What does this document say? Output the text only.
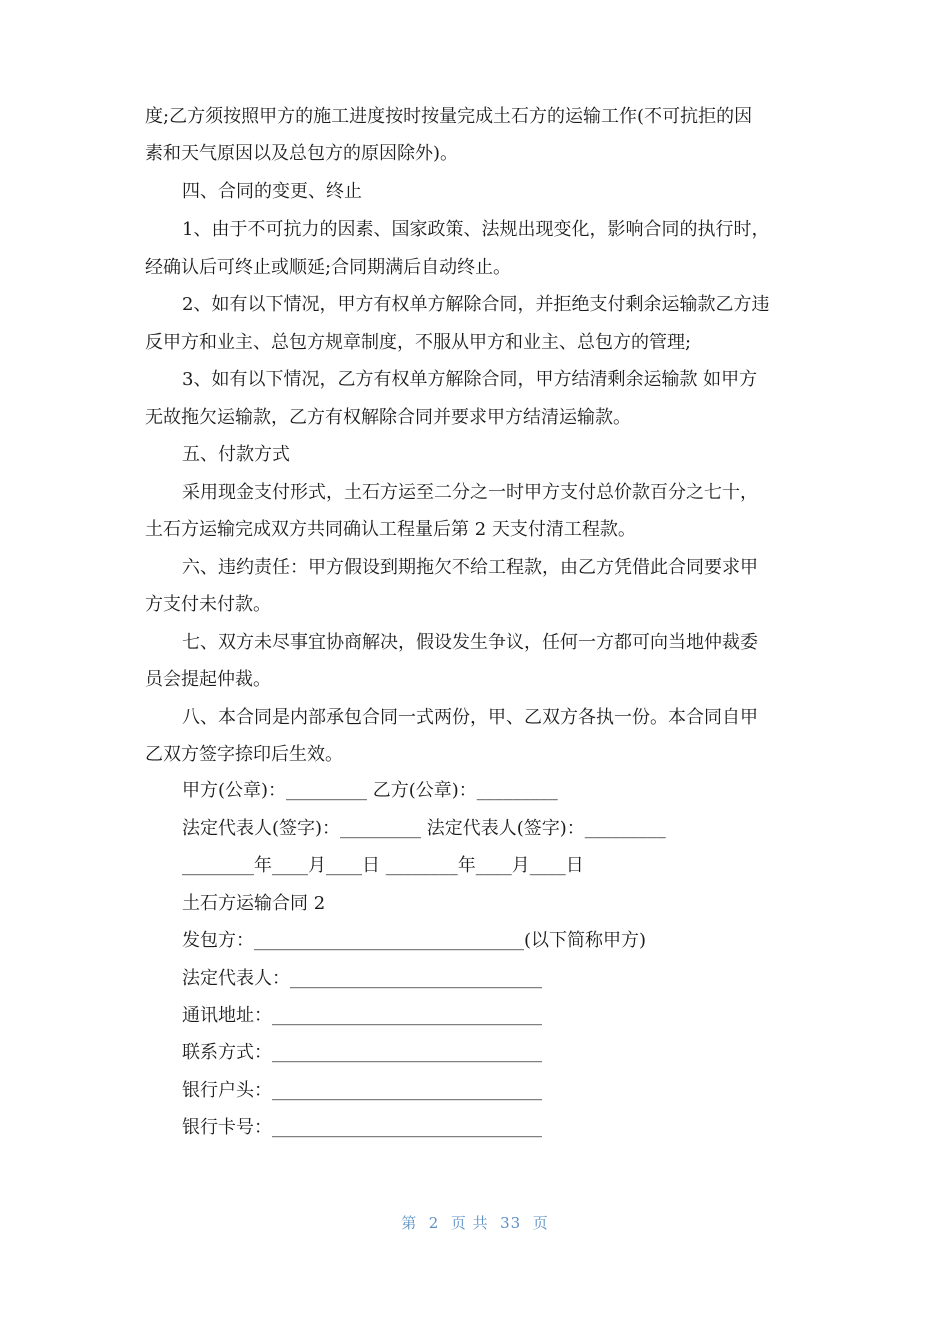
度;乙方须按照甲方的施工进度按时按量完成土石方的运输工作(不可抗拒的因
素和天气原因以及总包方的原因除外)。
四、合同的变更、终止
1、由于不可抗力的因素、国家政策、法规出现变化，影响合同的执行时，
经确认后可终止或顺延;合同期满后自动终止。
2、如有以下情况，甲方有权单方解除合同，并拒绝支付剩余运输款乙方违
反甲方和业主、总包方规章制度，不服从甲方和业主、总包方的管理;
3、如有以下情况，乙方有权单方解除合同，甲方结清剩余运输款 如甲方
无故拖欠运输款，乙方有权解除合同并要求甲方结清运输款。
五、付款方式
采用现金支付形式，土石方运至二分之一时甲方支付总价款百分之七十，
土石方运输完成双方共同确认工程量后第 2 天支付清工程款。
六、违约责任：甲方假设到期拖欠不给工程款，由乙方凭借此合同要求甲
方支付未付款。
七、双方未尽事宜协商解决，假设发生争议，任何一方都可向当地仲裁委
员会提起仲裁。
八、本合同是内部承包合同一式两份，甲、乙双方各执一份。本合同自甲
乙双方签字捺印后生效。
甲方(公章)：_________ 乙方(公章)：_________
法定代表人(签字)：_________ 法定代表人(签字)：_________
________年____月____日 ________年____月____日
土石方运输合同 2
发包方：______________________________(以下简称甲方)
法定代表人：____________________________
通讯地址：______________________________
联系方式：______________________________
银行户头：______________________________
银行卡号：______________________________
第  2  页 共  33  页
